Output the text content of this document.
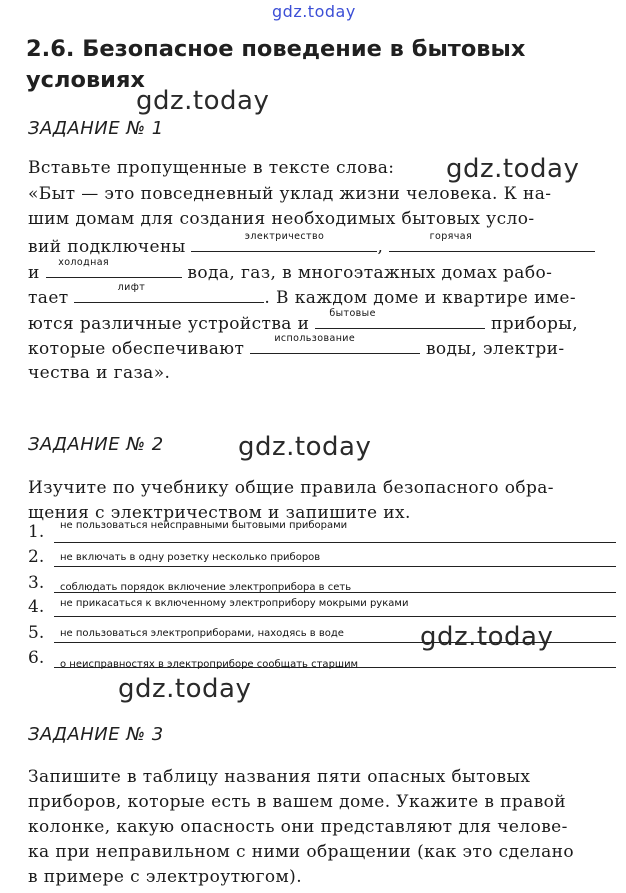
gdz.today
gdz.today
gdz.today
gdz.today
gdz.today
gdz.today
2.6. Безопасное поведение в бытовых условиях
ЗАДАНИЕ № 1
Вставьте пропущенные в тексте слова:
«Быт — это повседневный уклад жизни человека. К на-
шим домам для создания необходимых бытовых усло-
вий подключены
электричество
,
горячая
и
холодная
вода, газ, в многоэтажных домах рабо-
тает
лифт
. В каждом доме и квартире име-
ются различные устройства и
бытовые
приборы,
которые обеспечивают
использование
воды, электри-
чества и газа».
ЗАДАНИЕ № 2
Изучите по учебнику общие правила безопасного обра-
щения с электричеством и запишите их.
1. не пользоваться неисправными бытовыми приборами
2. не включать в одну розетку несколько приборов
3. соблюдать порядок включение электроприбора в сеть
4. не прикасаться к включенному электроприбору мокрыми руками
5. не пользоваться электроприборами, находясь в воде
6. о неисправностях в электроприборе сообщать старшим
ЗАДАНИЕ № 3
Запишите в таблицу названия пяти опасных бытовых
приборов, которые есть в вашем доме. Укажите в правой
колонке, какую опасность они представляют для челове-
ка при неправильном с ними обращении (как это сделано
в примере с электроутюгом).
